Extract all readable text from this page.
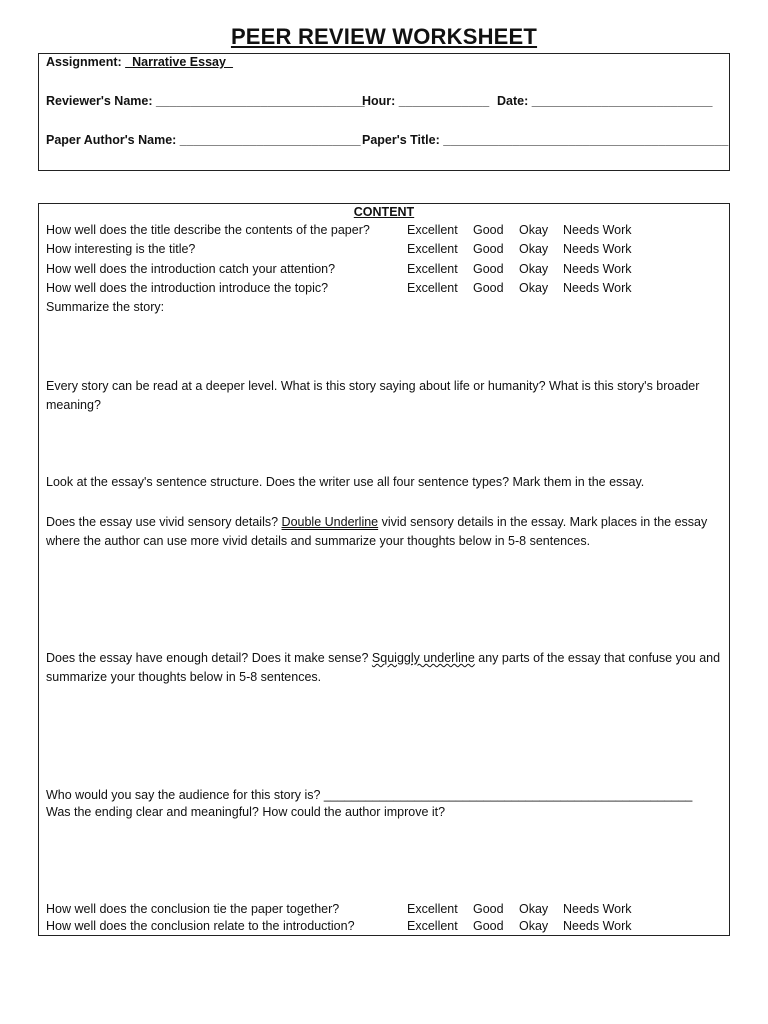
PEER REVIEW WORKSHEET
Assignment: _Narrative Essay_
Reviewer's Name: ______________________________
Hour: _____________ Date: __________________________
Paper Author's Name: __________________________ Paper's Title: _________________________________________
CONTENT
How well does the title describe the contents of the paper?	Excellent Good Okay Needs Work
How interesting is the title?	Excellent Good Okay Needs Work
How well does the introduction catch your attention?	Excellent Good Okay Needs Work
How well does the introduction introduce the topic?	Excellent Good Okay Needs Work
Summarize the story:
Every story can be read at a deeper level. What is this story saying about life or humanity? What is this story's broader meaning?
Look at the essay's sentence structure. Does the writer use all four sentence types? Mark them in the essay.
Does the essay use vivid sensory details? Double Underline vivid sensory details in the essay. Mark places in the essay where the author can use more vivid details and summarize your thoughts below in 5-8 sentences.
Does the essay have enough detail? Does it make sense? Squiggly underline any parts of the essay that confuse you and summarize your thoughts below in 5-8 sentences.
Who would you say the audience for this story is? _____________________________________________________
Was the ending clear and meaningful? How could the author improve it?
How well does the conclusion tie the paper together?	Excellent Good Okay Needs Work
How well does the conclusion relate to the introduction?	Excellent Good Okay Needs Work
